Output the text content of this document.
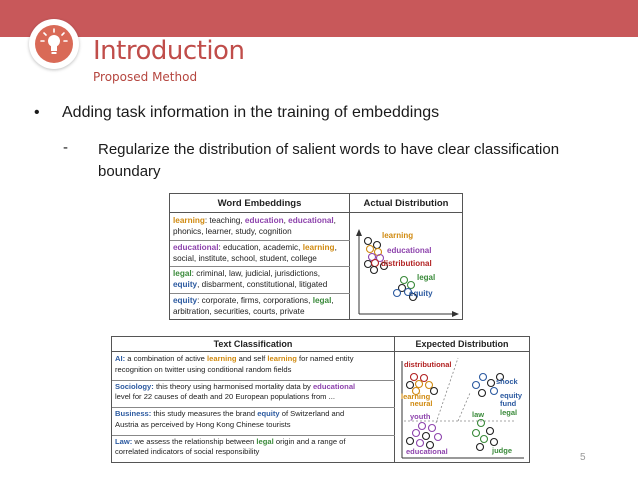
Introduction
Proposed Method
• Adding task information in the training of embeddings
- Regularize the distribution of salient words to have clear classification boundary
Word Embeddings	Actual Distribution
learning: teaching, education, educational,
phonics, learner, study, cognition
educational: education, academic, learning,
social, institute, school, student, college
legal: criminal, law, judicial, jurisdictions,
equity, disbarment, constitutional, litigated
equity: corporate, firms, corporations, legal,
arbitration, securities, courts, private
learning
educational
distributional
legal
equity
Text Classification	Expected Distribution
AI: a combination of active learning and self learning for named entity
recognition on twitter using conditional random fields
Sociology: this theory using harmonised mortality data by educational
level for 22 causes of death and 20 European populations from ...
Business: this study measures the brand equity of Switzerland and
Austria as perceived by Hong Kong Chinese tourists
Law: we assess the relationship between legal origin and a range of
correlated indicators of social responsibility
distributional
learning
neural
youth
educational
shock
equity
fund
law legal
judge
5
